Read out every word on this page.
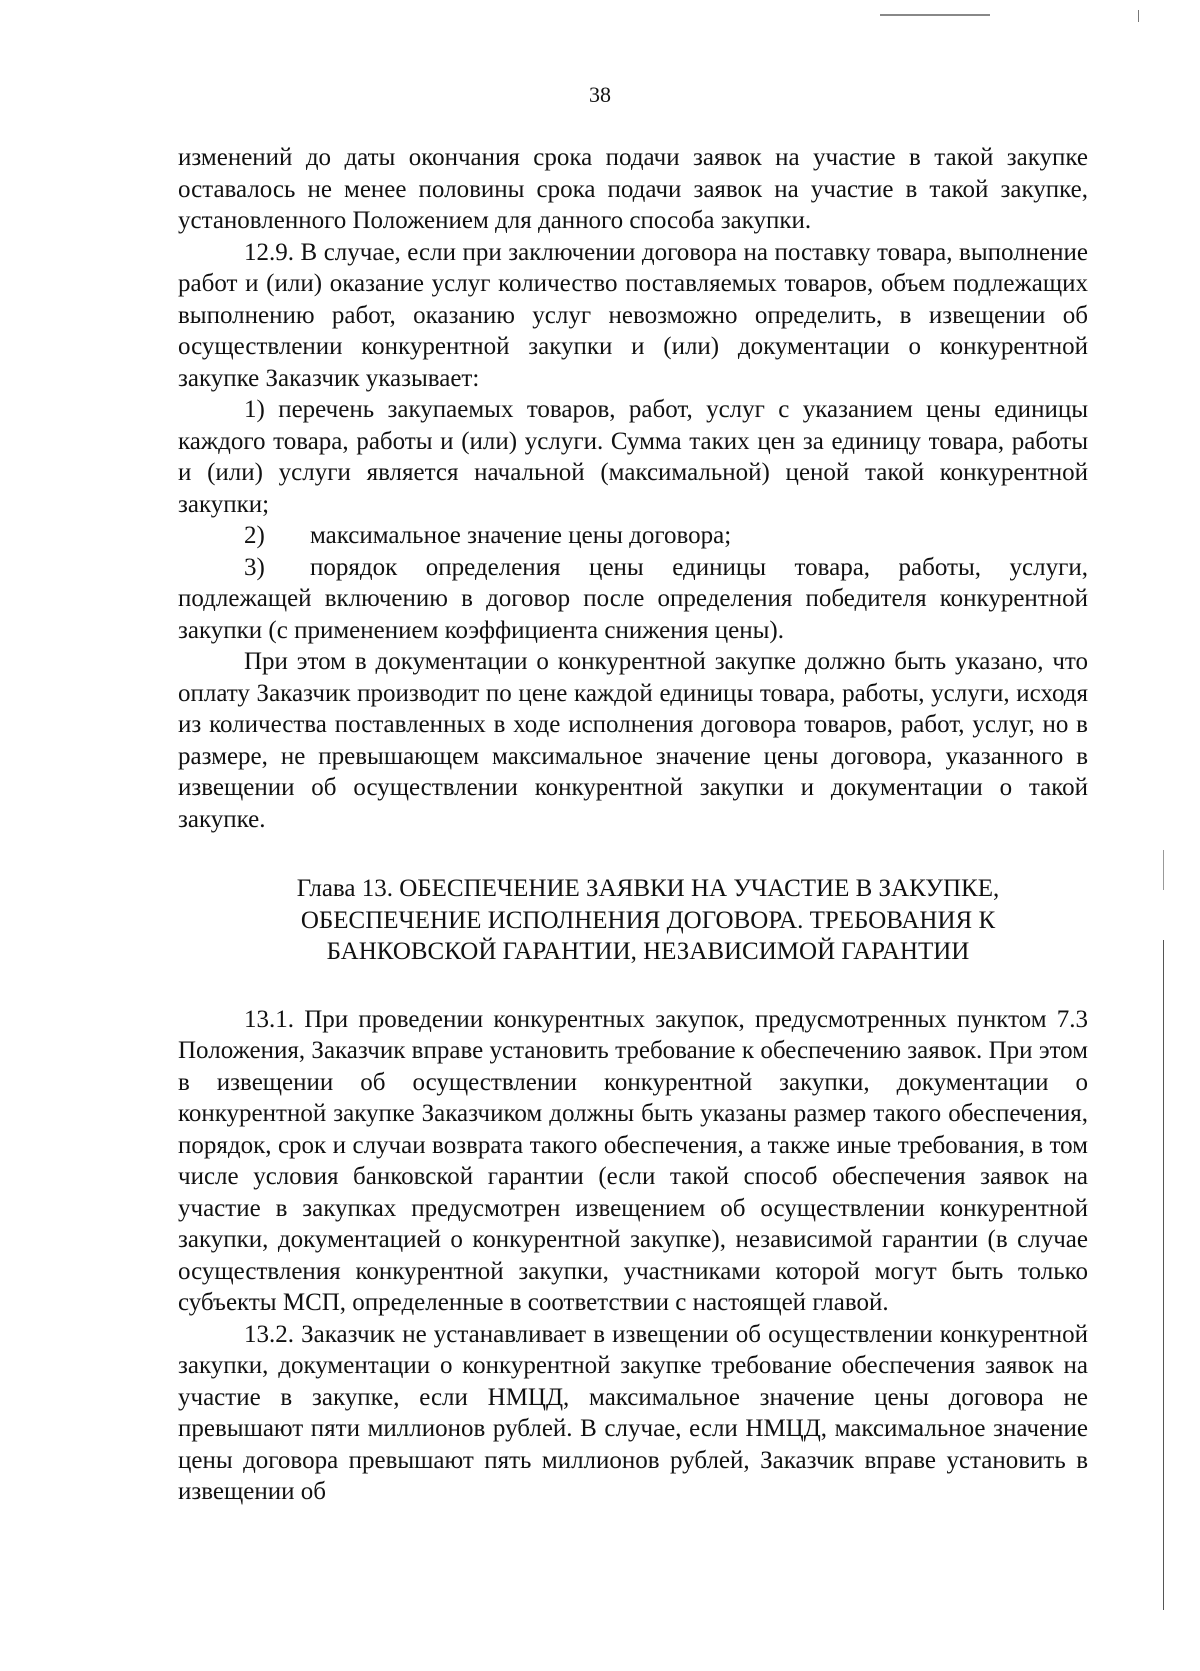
38

изменений до даты окончания срока подачи заявок на участие в такой закупке оставалось не менее половины срока подачи заявок на участие в такой закупке, установленного Положением для данного способа закупки.

12.9. В случае, если при заключении договора на поставку товара, выполнение работ и (или) оказание услуг количество поставляемых товаров, объем подлежащих выполнению работ, оказанию услуг невозможно определить, в извещении об осуществлении конкурентной закупки и (или) документации о конкурентной закупке Заказчик указывает:

1) перечень закупаемых товаров, работ, услуг с указанием цены единицы каждого товара, работы и (или) услуги. Сумма таких цен за единицу товара, работы и (или) услуги является начальной (максимальной) ценой такой конкурентной закупки;

2) максимальное значение цены договора;

3) порядок определения цены единицы товара, работы, услуги, подлежащей включению в договор после определения победителя конкурентной закупки (с применением коэффициента снижения цены).

При этом в документации о конкурентной закупке должно быть указано, что оплату Заказчик производит по цене каждой единицы товара, работы, услуги, исходя из количества поставленных в ходе исполнения договора товаров, работ, услуг, но в размере, не превышающем максимальное значение цены договора, указанного в извещении об осуществлении конкурентной закупки и документации о такой закупке.

Глава 13. ОБЕСПЕЧЕНИЕ ЗАЯВКИ НА УЧАСТИЕ В ЗАКУПКЕ,
ОБЕСПЕЧЕНИЕ ИСПОЛНЕНИЯ ДОГОВОРА. ТРЕБОВАНИЯ К
БАНКОВСКОЙ ГАРАНТИИ, НЕЗАВИСИМОЙ ГАРАНТИИ

13.1. При проведении конкурентных закупок, предусмотренных пунктом 7.3 Положения, Заказчик вправе установить требование к обеспечению заявок. При этом в извещении об осуществлении конкурентной закупки, документации о конкурентной закупке Заказчиком должны быть указаны размер такого обеспечения, порядок, срок и случаи возврата такого обеспечения, а также иные требования, в том числе условия банковской гарантии (если такой способ обеспечения заявок на участие в закупках предусмотрен извещением об осуществлении конкурентной закупки, документацией о конкурентной закупке), независимой гарантии (в случае осуществления конкурентной закупки, участниками которой могут быть только субъекты МСП, определенные в соответствии с настоящей главой.

13.2. Заказчик не устанавливает в извещении об осуществлении конкурентной закупки, документации о конкурентной закупке требование обеспечения заявок на участие в закупке, если НМЦД, максимальное значение цены договора не превышают пяти миллионов рублей. В случае, если НМЦД, максимальное значение цены договора превышают пять миллионов рублей, Заказчик вправе установить в извещении об
